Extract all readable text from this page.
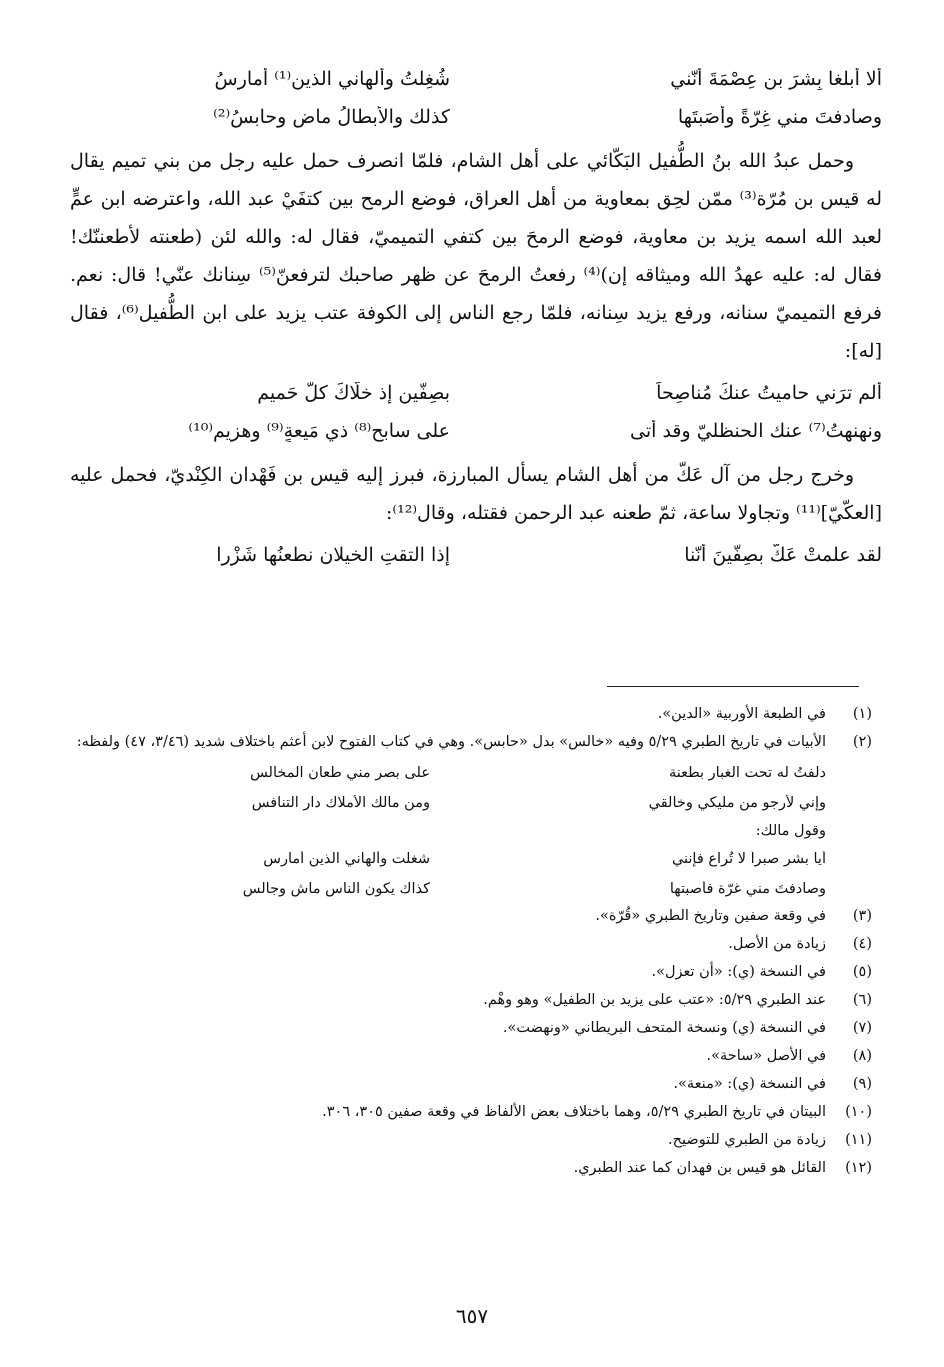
ألا أبلغا بِشرَ بن عِصْمَةَ أنّني
شُغِلتُ وألهاني الذين⁽¹⁾ أُمارِسُ
وصادفتَ مني غِرّةً وأصَبتَها
كذلك والأبطالُ ماضٍ وحابسُ⁽²⁾

وحمل عبدُ الله بنُ الطُّفيل البَكّائي على أهل الشام، فلمّا انصرف حمل عليه رجل من بني تميم يقال له قيس بن مُرّة⁽³⁾ ممّن لحِق بمعاوية من أهل العراق، فوضع الرمح بين كتفَيْ عبد الله، واعترضه ابن عمٍّ لعبد الله اسمه يزيد بن معاوية، فوضع الرمحَ بين كتفي التميميّ، فقال له: والله لئن (طعنته لأطعننّك! فقال له: عليه عهدُ الله وميثاقه إن)⁽⁴⁾ رفعتُ الرمحَ عن ظهر صاحبك لترفعنّ⁽⁵⁾ سِنانك عنّي! قال: نعم. فرفع التميميّ سنانه، ورفع يزيد سِنانه، فلمّا رجع الناس إلى الكوفة عتب يزيد على ابن الطُّفيل⁽⁶⁾، فقال [له]:

ألم ترَني حاميتُ عنكَ مُناصِحاً
بصِفّين إذ خلّاكَ كلُّ حَميمِ
ونهنهتُ⁽⁷⁾ عنك الحنظليّ وقد أتى
على سابحٍ⁽⁸⁾ ذي مَيعةٍ⁽⁹⁾ وهزيمِ⁽¹⁰⁾

وخرج رجل من آل عَكّ من أهل الشام يسأل المبارزة، فبرز إليه قيس بن فَهْدان الكِنْديّ، فحمل عليه [العكّيّ]⁽¹¹⁾ وتجاولا ساعة، ثمّ طعنه عبد الرحمن فقتله، وقال⁽¹²⁾:

لقد علمتْ عَكٌّ بصِفّينَ أنّنا
إذا التقتِ الخيلان نطعنُها شَزْرا
(١)
في الطبعة الأوربية «الدين».
(٢)
الأبيات في تاريخ الطبري ٥/٢٩ وفيه «خالس» بدل «حابس». وهي في كتاب الفتوح لابن أعثم باختلاف شديد (٣/٤٦، ٤٧) ولفظه:
دلفتُ له تحت الغبار بطعنة
على بصر مني طعان المخالس
وإني لأرجو من مليكي وخالقي
ومن مالك الأملاك دار التنافس
وقول مالك:
أيا بشر صبراً لا تُراع فإنني
شغلت وألهاني الذين أمارس
وصادفتَ مني غرّة فأصبتها
كذاك يكون الناس ماش وجالس
(٣)
في وقعة صفين وتاريخ الطبري «قُرّة».
(٤)
زيادة من الأصل.
(٥)
في النسخة (ي): «أن تعزل».
(٦)
عند الطبري ٥/٢٩: «عتب على يزيد بن الطفيل» وهو وهْم.
(٧)
في النسخة (ي) ونسخة المتحف البريطاني «ونهضت».
(٨)
في الأصل «ساحة».
(٩)
في النسخة (ي): «منعة».
(١٠)
البيتان في تاريخ الطبري ٥/٢٩، وهما باختلاف بعض الألفاظ في وقعة صفين ٣٠٥، ٣٠٦.
(١١)
زيادة من الطبري للتوضيح.
(١٢)
القائل هو قيس بن فهدان كما عند الطبري.
٦٥٧
